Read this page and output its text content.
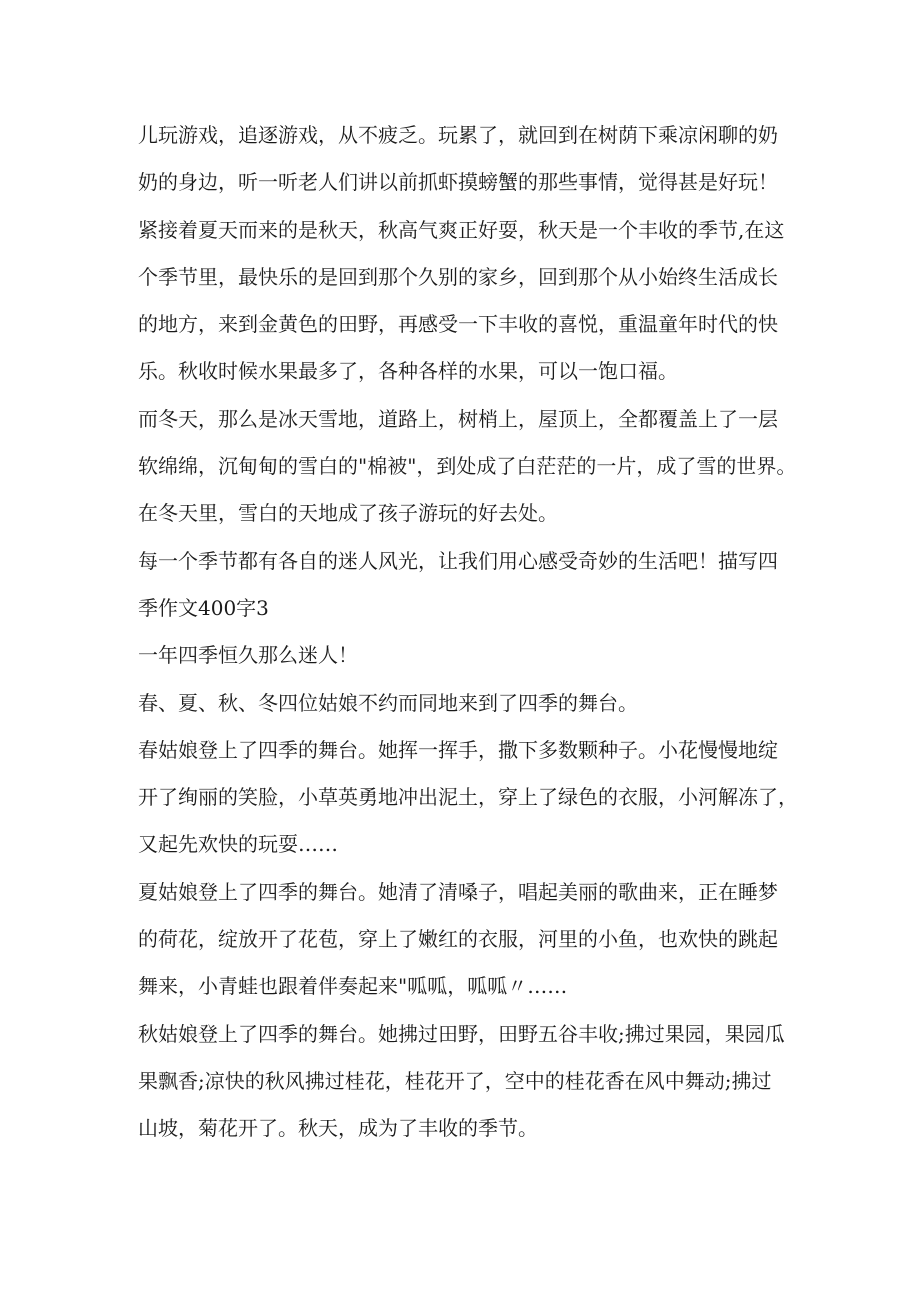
儿玩游戏，追逐游戏，从不疲乏。玩累了，就回到在树荫下乘凉闲聊的奶

奶的身边，听一听老人们讲以前抓虾摸螃蟹的那些事情，觉得甚是好玩！

紧接着夏天而来的是秋天，秋高气爽正好耍，秋天是一个丰收的季节,在这

个季节里，最快乐的是回到那个久别的家乡，回到那个从小始终生活成长

的地方，来到金黄色的田野，再感受一下丰收的喜悦，重温童年时代的快

乐。秋收时候水果最多了，各种各样的水果，可以一饱口福。

而冬天，那么是冰天雪地，道路上，树梢上，屋顶上，全都覆盖上了一层

软绵绵，沉甸甸的雪白的"棉被"，到处成了白茫茫的一片，成了雪的世界。

在冬天里，雪白的天地成了孩子游玩的好去处。

每一个季节都有各自的迷人风光，让我们用心感受奇妙的生活吧！描写四

季作文400字3

一年四季恒久那么迷人！

春、夏、秋、冬四位姑娘不约而同地来到了四季的舞台。

春姑娘登上了四季的舞台。她挥一挥手，撒下多数颗种子。小花慢慢地绽

开了绚丽的笑脸，小草英勇地冲出泥土，穿上了绿色的衣服，小河解冻了，

又起先欢快的玩耍……

夏姑娘登上了四季的舞台。她清了清嗓子，唱起美丽的歌曲来，正在睡梦

的荷花，绽放开了花苞，穿上了嫩红的衣服，河里的小鱼，也欢快的跳起

舞来，小青蛙也跟着伴奏起来"呱呱，呱呱〃……

秋姑娘登上了四季的舞台。她拂过田野，田野五谷丰收;拂过果园，果园瓜

果飘香;凉快的秋风拂过桂花，桂花开了，空中的桂花香在风中舞动;拂过

山坡，菊花开了。秋天，成为了丰收的季节。
